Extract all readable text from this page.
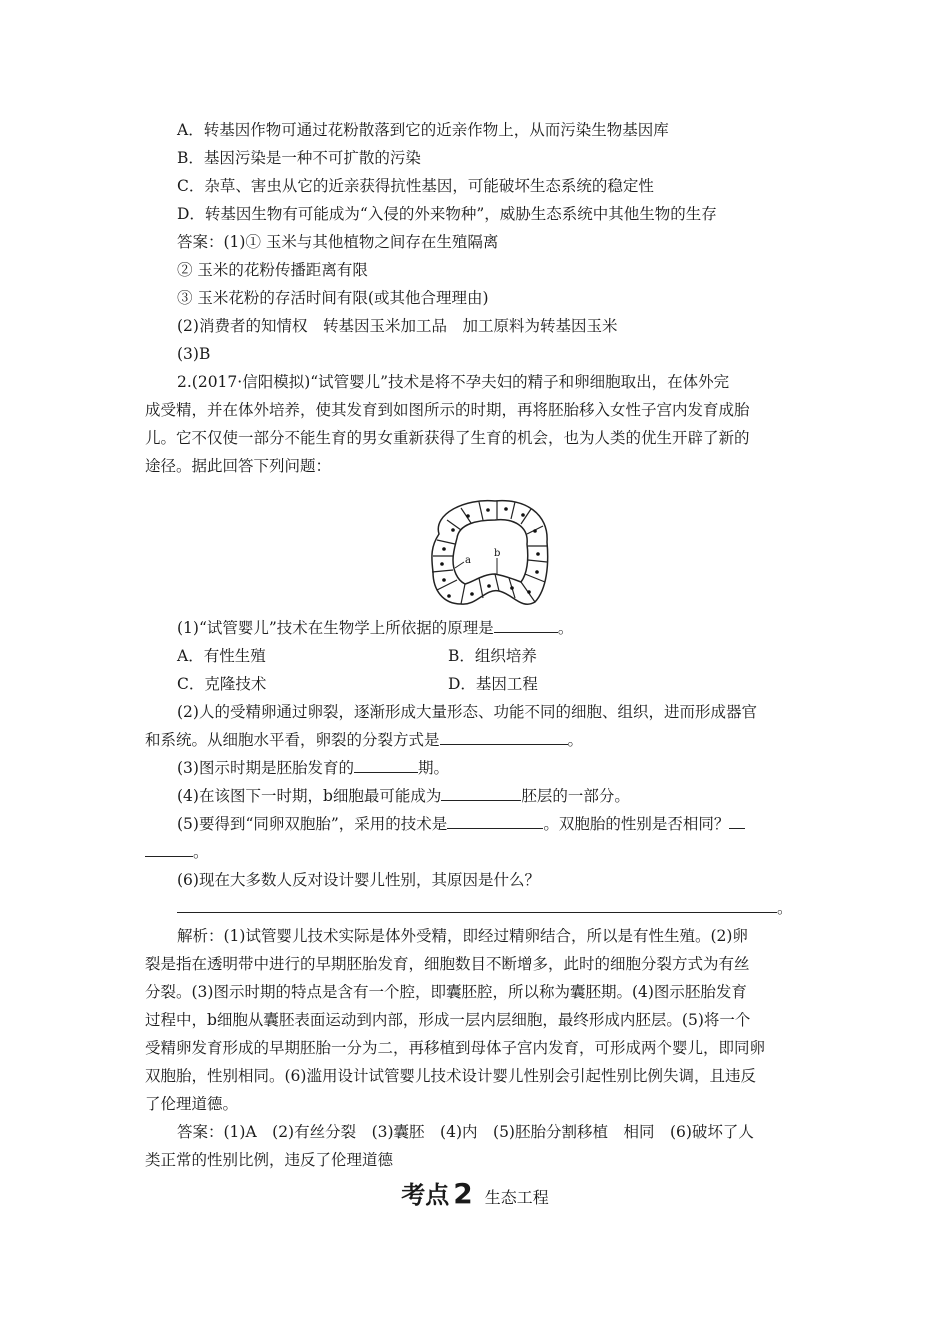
A．转基因作物可通过花粉散落到它的近亲作物上，从而污染生物基因库
B．基因污染是一种不可扩散的污染
C．杂草、害虫从它的近亲获得抗性基因，可能破坏生态系统的稳定性
D．转基因生物有可能成为“入侵的外来物种”，威胁生态系统中其他生物的生存
答案：(1)① 玉米与其他植物之间存在生殖隔离
② 玉米的花粉传播距离有限
③ 玉米花粉的存活时间有限(或其他合理理由)
(2)消费者的知情权　转基因玉米加工品　加工原料为转基因玉米
(3)B
2.(2017·信阳模拟)“试管婴儿”技术是将不孕夫妇的精子和卵细胞取出，在体外完
成受精，并在体外培养，使其发育到如图所示的时期，再将胚胎移入女性子宫内发育成胎
儿。它不仅使一部分不能生育的男女重新获得了生育的机会，也为人类的优生开辟了新的
途径。据此回答下列问题：
a
b
(1)“试管婴儿”技术在生物学上所依据的原理是	。
A．有性生殖	B．组织培养
C．克隆技术	D．基因工程
(2)人的受精卵通过卵裂，逐渐形成大量形态、功能不同的细胞、组织，进而形成器官
和系统。从细胞水平看，卵裂的分裂方式是	。
(3)图示时期是胚胎发育的	期。
(4)在该图下一时期，b细胞最可能成为	胚层的一部分。
(5)要得到“同卵双胞胎”，采用的技术是	。双胞胎的性别是否相同？
。
(6)现在大多数人反对设计婴儿性别，其原因是什么？
。
解析：(1)试管婴儿技术实际是体外受精，即经过精卵结合，所以是有性生殖。(2)卵
裂是指在透明带中进行的早期胚胎发育，细胞数目不断增多，此时的细胞分裂方式为有丝
分裂。(3)图示时期的特点是含有一个腔，即囊胚腔，所以称为囊胚期。(4)图示胚胎发育
过程中，b细胞从囊胚表面运动到内部，形成一层内层细胞，最终形成内胚层。(5)将一个
受精卵发育形成的早期胚胎一分为二，再移植到母体子宫内发育，可形成两个婴儿，即同卵
双胞胎，性别相同。(6)滥用设计试管婴儿技术设计婴儿性别会引起性别比例失调，且违反
了伦理道德。
答案：(1)A　(2)有丝分裂　(3)囊胚　(4)内　(5)胚胎分割移植　相同　(6)破坏了人
类正常的性别比例，违反了伦理道德
考点 2 生态工程
